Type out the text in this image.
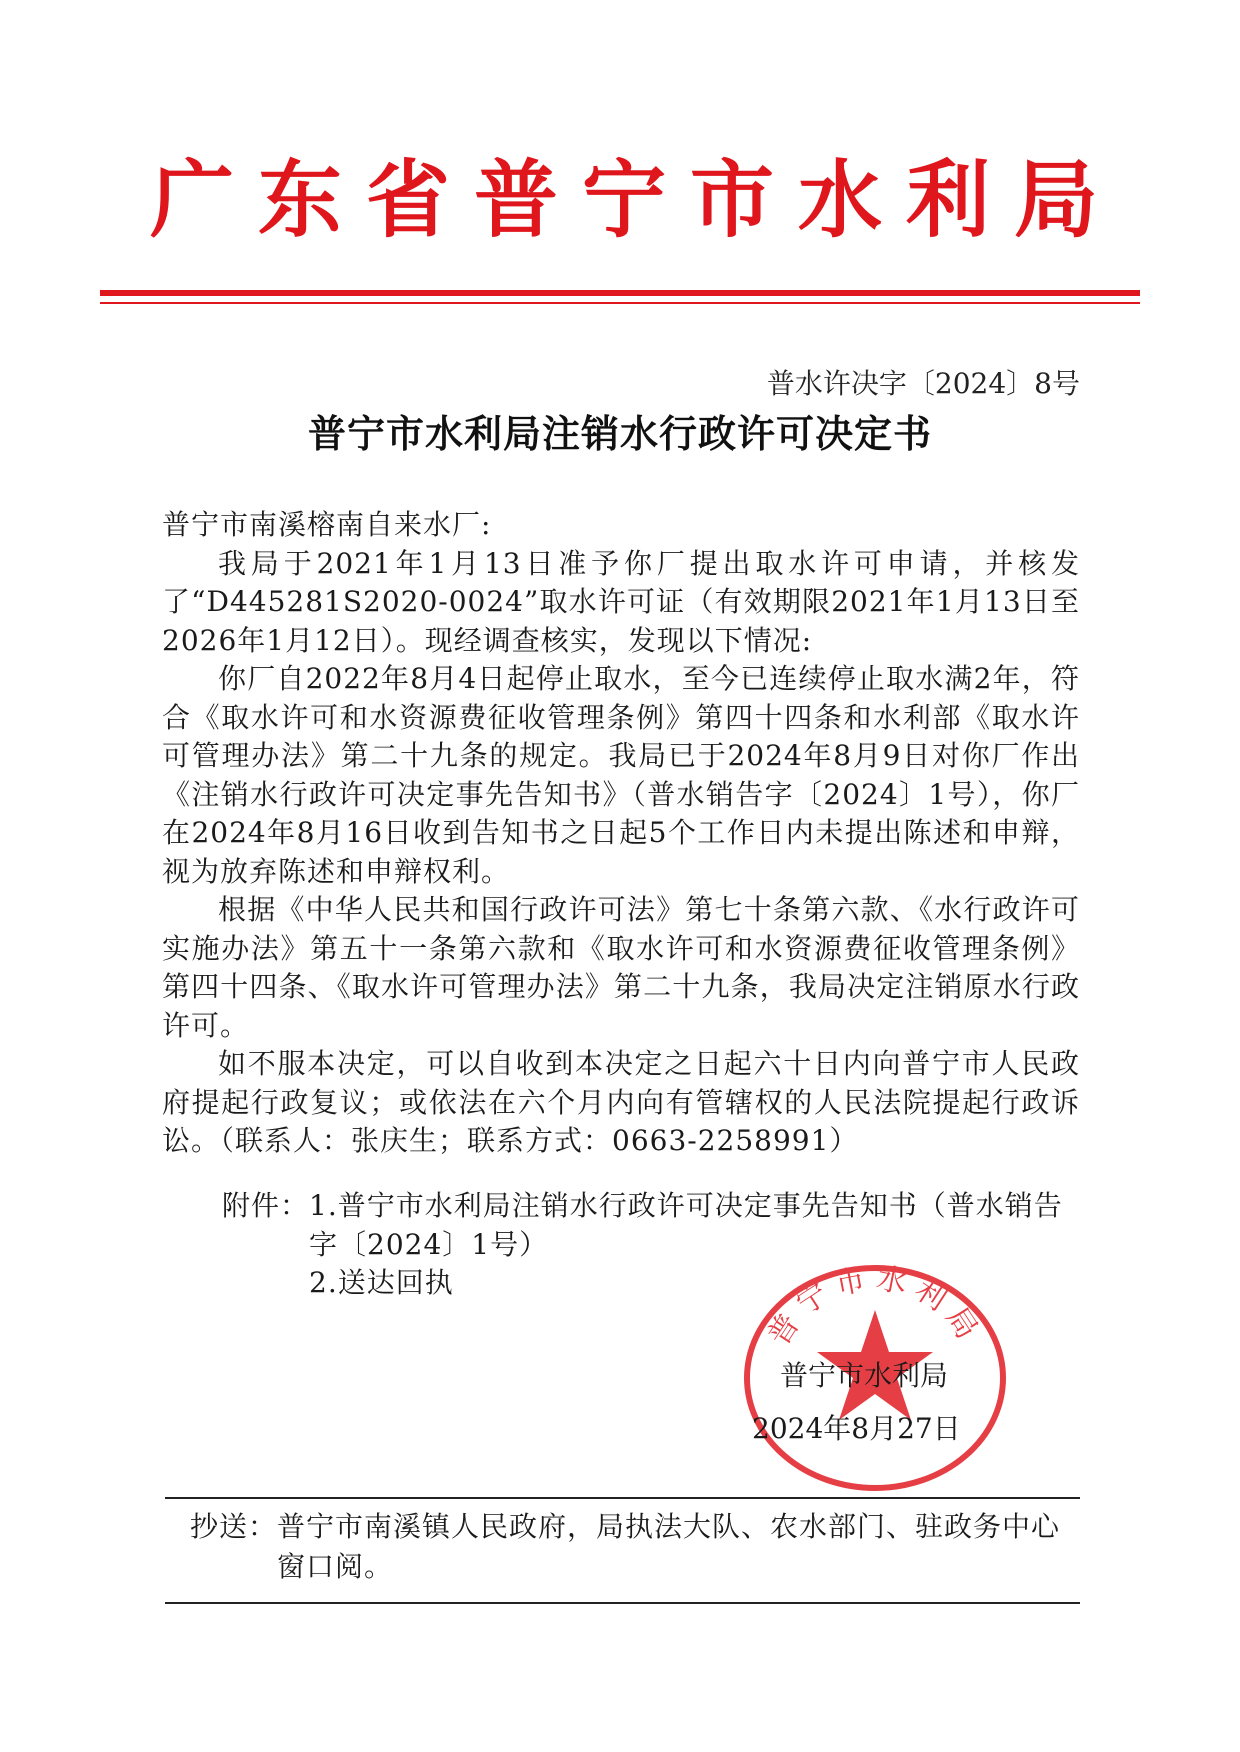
广东省普宁市水利局
普水许决字〔2024〕8号
普宁市水利局注销水行政许可决定书

普宁市南溪榕南自来水厂:

我局于2021年1月13日准予你厂提出取水许可申请，并核发了“D445281S2020-0024”取水许可证（有效期限2021年1月13日至2026年1月12日）。现经调查核实，发现以下情况:

你厂自2022年8月4日起停止取水，至今已连续停止取水满2年，符合《取水许可和水资源费征收管理条例》第四十四条和水利部《取水许可管理办法》第二十九条的规定。我局已于2024年8月9日对你厂作出《注销水行政许可决定事先告知书》（普水销告字〔2024〕1号），你厂在2024年8月16日收到告知书之日起5个工作日内未提出陈述和申辩，视为放弃陈述和申辩权利。

根据《中华人民共和国行政许可法》第七十条第六款、《水行政许可实施办法》第五十一条第六款和《取水许可和水资源费征收管理条例》第四十四条、《取水许可管理办法》第二十九条，我局决定注销原水行政许可。

如不服本决定，可以自收到本决定之日起六十日内向普宁市人民政府提起行政复议；或依法在六个月内向有管辖权的人民法院提起行政诉讼。（联系人：张庆生；联系方式：0663-2258991）

附件： 1.普宁市水利局注销水行政许可决定事先告知书（普水销告字〔2024〕1号）

2.送达回执

普宁市水利局
普宁市水利局
2024年8月27日
抄送： 普宁市南溪镇人民政府，局执法大队、农水部门、驻政务中心窗口阅。
